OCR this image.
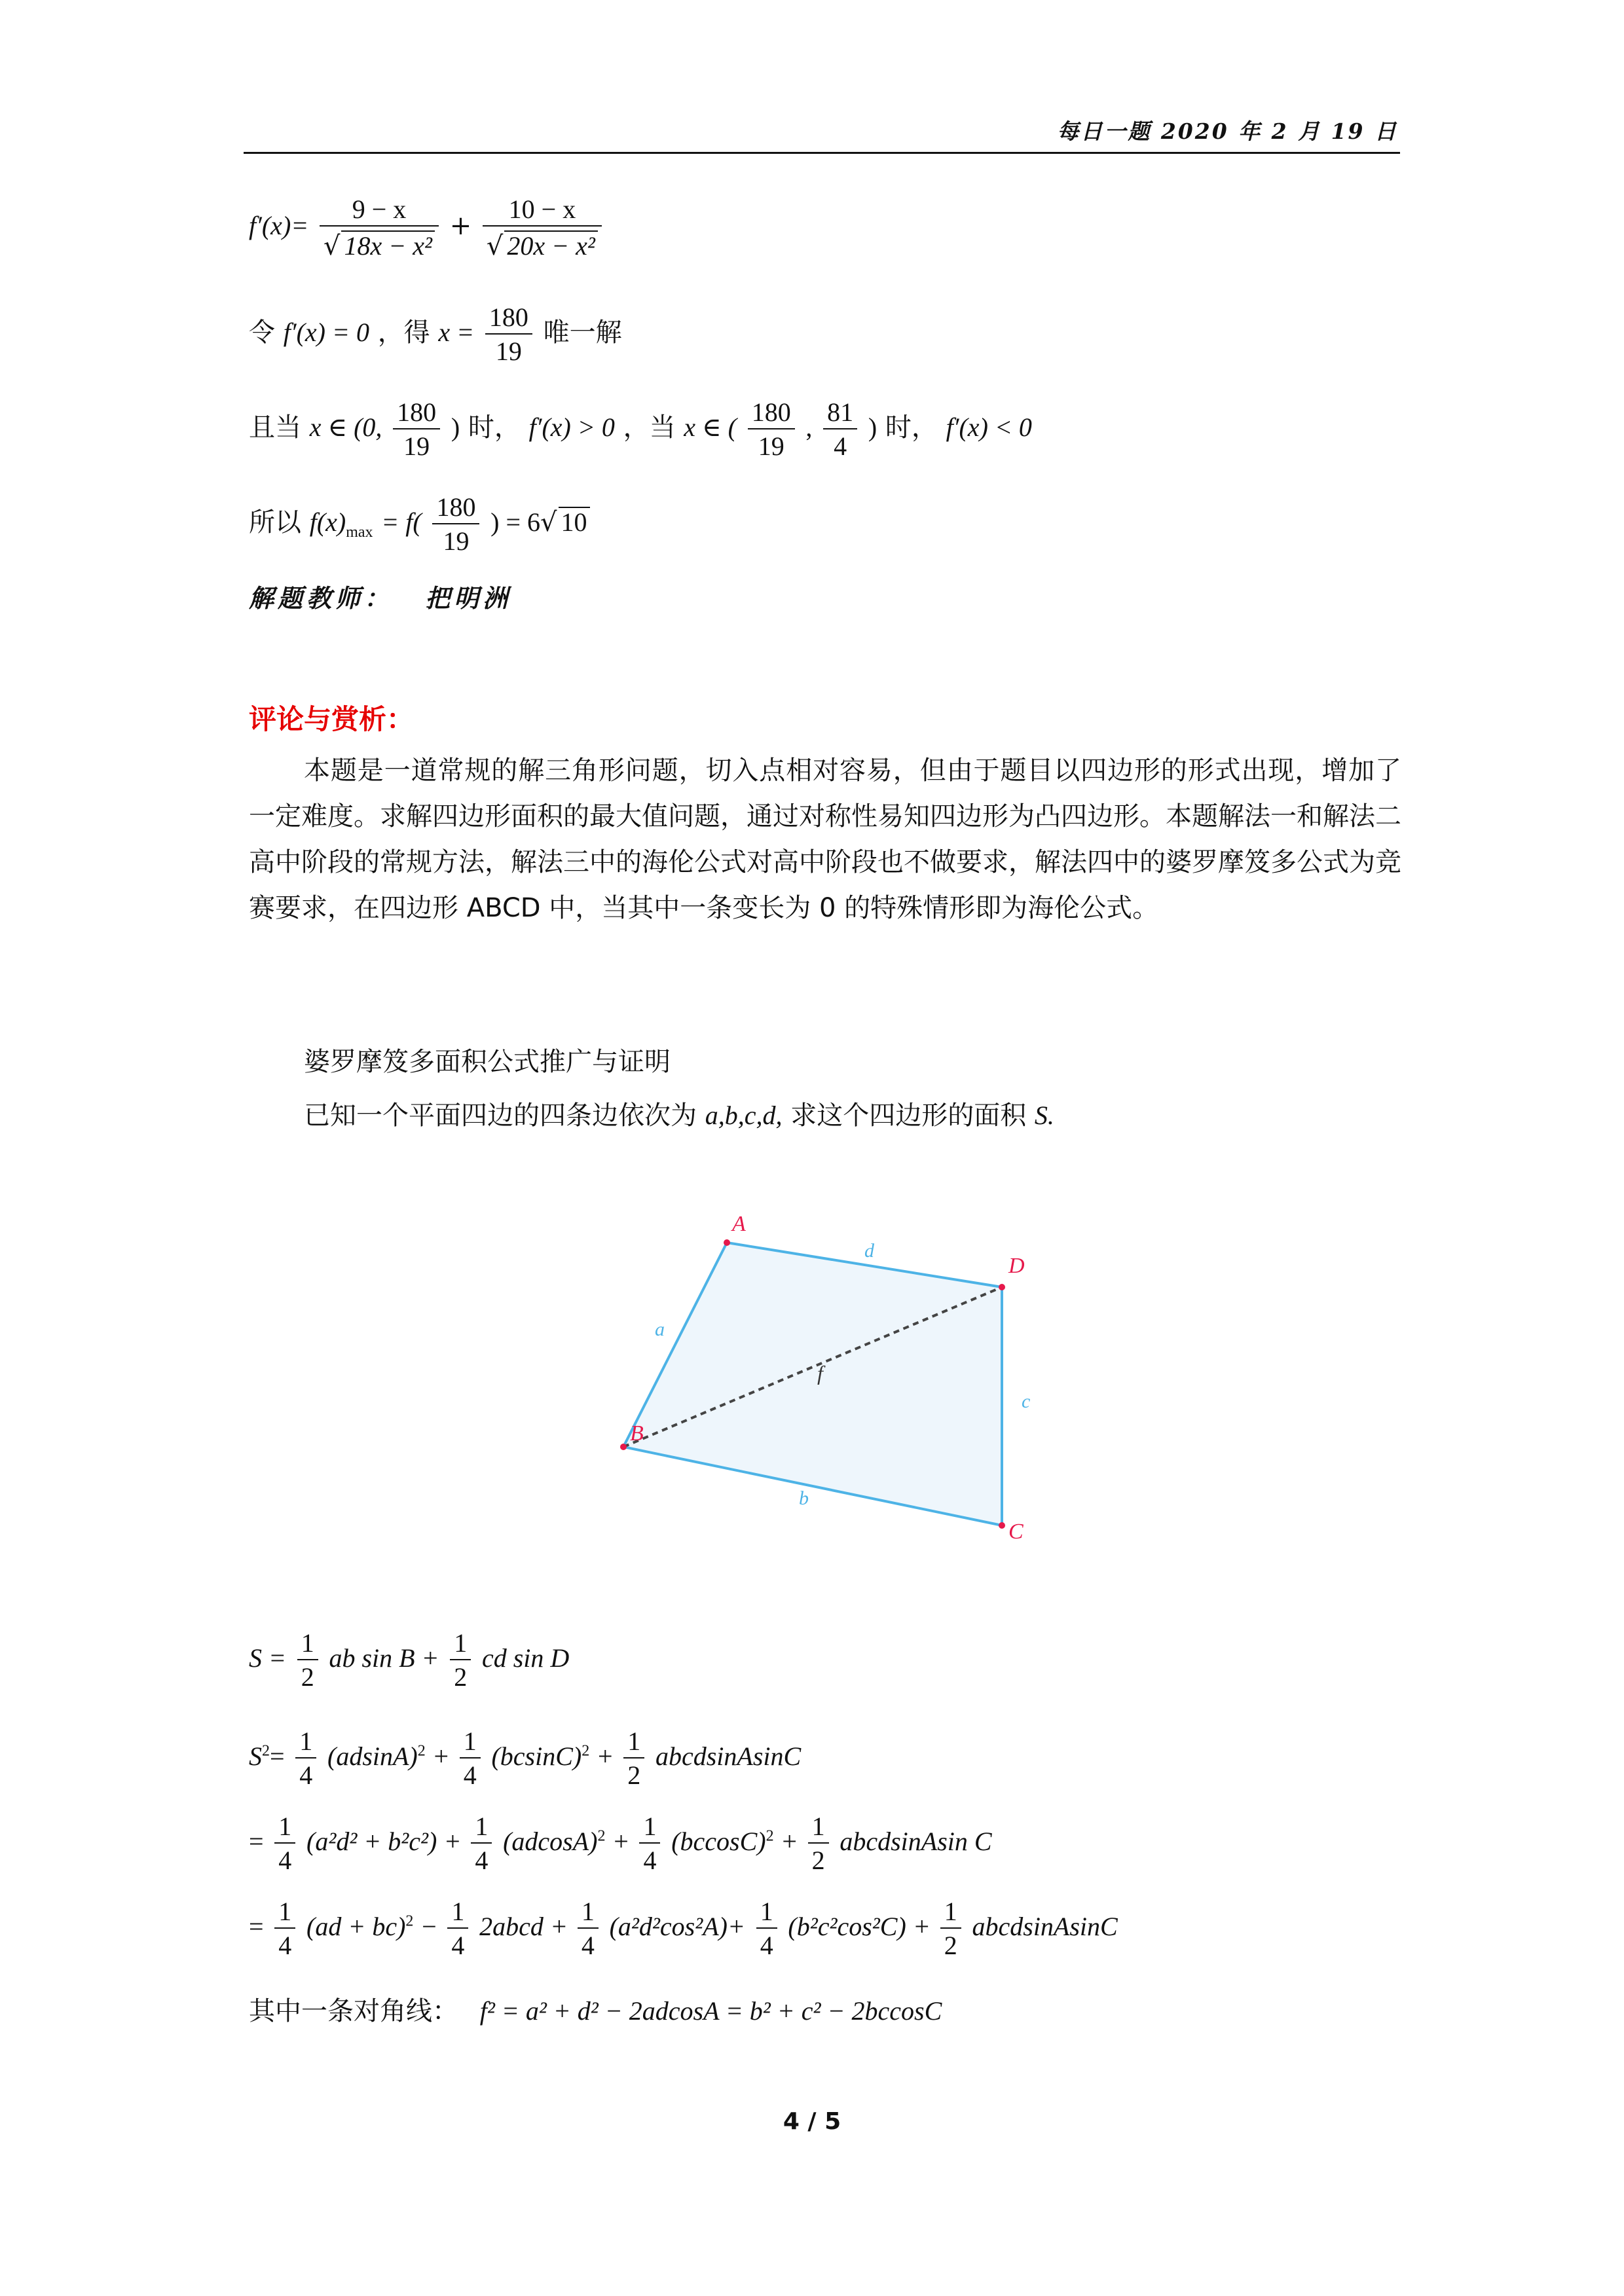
每日一题 2020 年 2 月 19 日
$f'(x)= \frac{9 - x}{\text{√ 18x − x²}} + \frac{10 - x}{\text{√ 20x − x²}}$
令 f′(x) = 0 ，得 $x = \frac{180}{19}$ 唯一解
且当 x ∈ (0, $\frac{180}{19}$ ) 时， f′(x) > 0 ，当 x ∈ ( $\frac{180}{19}$ , $\frac{81}{4}$ ) 时， f′(x) < 0
所以 $f(x)_{max} = f( \frac{180}{19}$ ) = 6√ 10
解题教师： 把明洲
评论与赏析：
本题是一道常规的解三角形问题，切入点相对容易，但由于题目以四边形的形式出现，增加了一定难度。求解四边形面积的最大值问题，通过对称性易知四边形为凸四边形。本题解法一和解法二高中阶段的常规方法，解法三中的海伦公式对高中阶段也不做要求，解法四中的婆罗摩笈多公式为竞赛要求，在四边形 ABCD 中，当其中一条变长为 0 的特殊情形即为海伦公式。
婆罗摩笈多面积公式推广与证明
已知一个平面四边的四条边依次为 a,b,c,d, 求这个四边形的面积 S.
A
B
C
D
a
b
c
d
f
$S = \frac{1}{2}$ ab $\sin B + \frac{1}{2}$ cd sin D
$S^2= \frac{1}{4} (adsinA)^2 + \frac{1}{4} (bcsinC)^2 + \frac{1}{2}$ abcdsinAsinC
= $\frac{1}{4} (a^2d^2 + b^2c^2) + \frac{1}{4} (adcosA)^2 + \frac{1}{4} (bccosC)^2 + \frac{1}{2}$ abcdsinAsin C
= $\frac{1}{4} (ad + bc)^2 - \frac{1}{4}$ 2abcd + $\frac{1}{4} (a^2d^2\cos^2A)+ \frac{1}{4} (b^2c^2\cos^2C) + \frac{1}{2}$ abcdsinAsinC
其中一条对角线： f² = a² + d² − 2adcosA = b² + c² − 2bccosC
4 / 5
